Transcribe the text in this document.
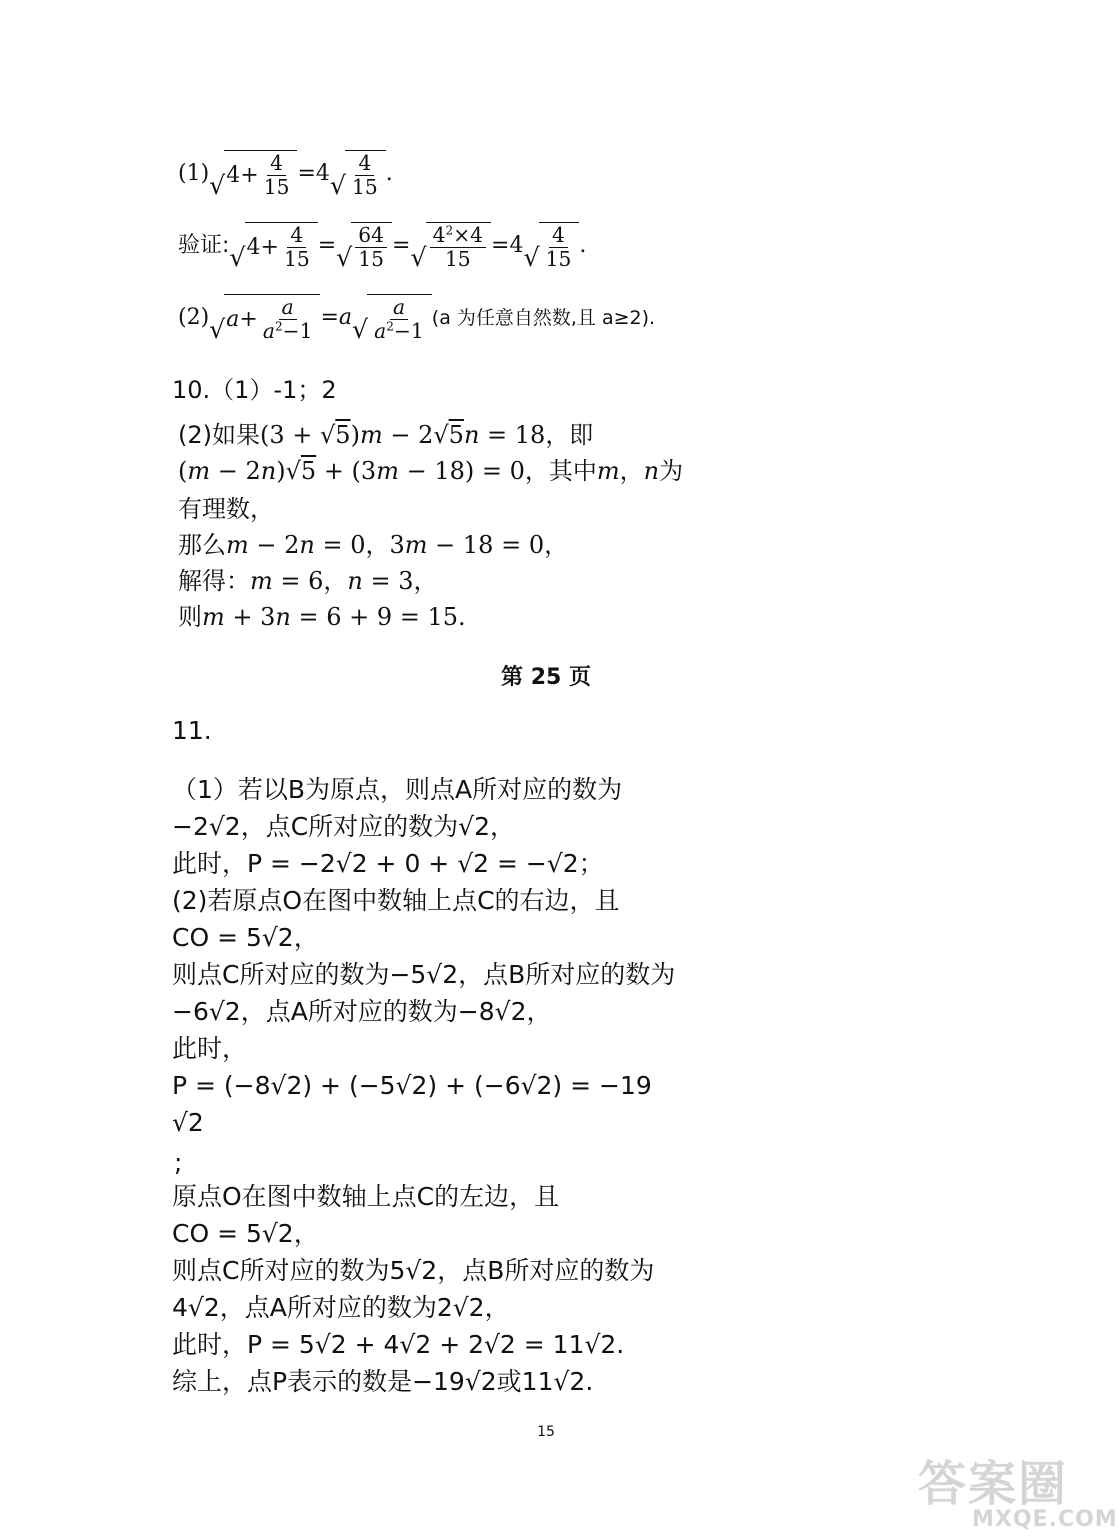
(1) √ $4+ \frac{4}{15} =4$ √ $\frac{4}{15}$ .
验证: √ $4+ \frac{4}{15}$ = √ $\frac{64}{15}$ = √ $\frac{4^2\times 4}{15} =4$ √ $\frac{4}{15}$ .
(2) √ $a + \frac{a}{a^2-1} =a$ √ $\frac{a}{a^2-1} (a$ 为任意自然数,且 a≥2).
10.（1）-1；2
(2)如果(3 + √5)m − 2√5n = 18，即
(m − 2n)√5 + (3m − 18) = 0，其中m，n为
有理数，
那么m − 2n = 0，3m − 18 = 0，
解得：m = 6，n = 3，
则m + 3n = 6 + 9 = 15.
第 25 页
11.
（1）若以B为原点，则点A所对应的数为
−2√2，点C所对应的数为√2，
此时，P = −2√2 + 0 + √2 = −√2；
(2)若原点O在图中数轴上点C的右边，且
CO = 5√2，
则点C所对应的数为−5√2，点B所对应的数为
−6√2，点A所对应的数为−8√2，
此时，
P = (−8√2) + (−5√2) + (−6√2) = −19
√2
;
原点O在图中数轴上点C的左边，且
CO = 5√2，
则点C所对应的数为5√2，点B所对应的数为
4√2，点A所对应的数为2√2，
此时，P = 5√2 + 4√2 + 2√2 = 11√2.
综上，点P表示的数是−19√2或11√2.
15
答案圈
MXQE.COM
